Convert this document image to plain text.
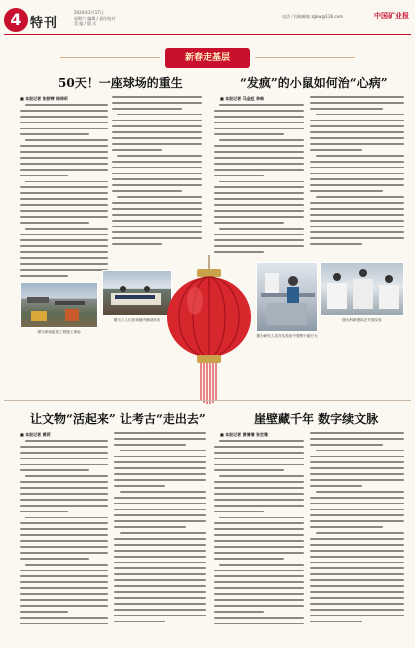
4 特刊
2024年2月17日
星期六 编辑 / 责任校对
美 编 / 版 式
电话 / 投稿邮箱 zgkw@126.com	中国矿业报
新春走基层
50天！一座球场的重生
■ 本报记者 张舒婷 杨梓昕
图为球场改造工程施工现场
图为工人们在场地内铺设草皮
“发疯”的小鼠如何治“心病”
■ 本报记者 马金虹 李畅
图为研究人员在实验室中观察小鼠行为
图为科研团队在开展实验
让文物“活起来” 让考古“走出去”
■ 本报记者 黄莉
崖壁藏千年 数字续文脉
■ 本报记者 黄倩倩 张宏雅
